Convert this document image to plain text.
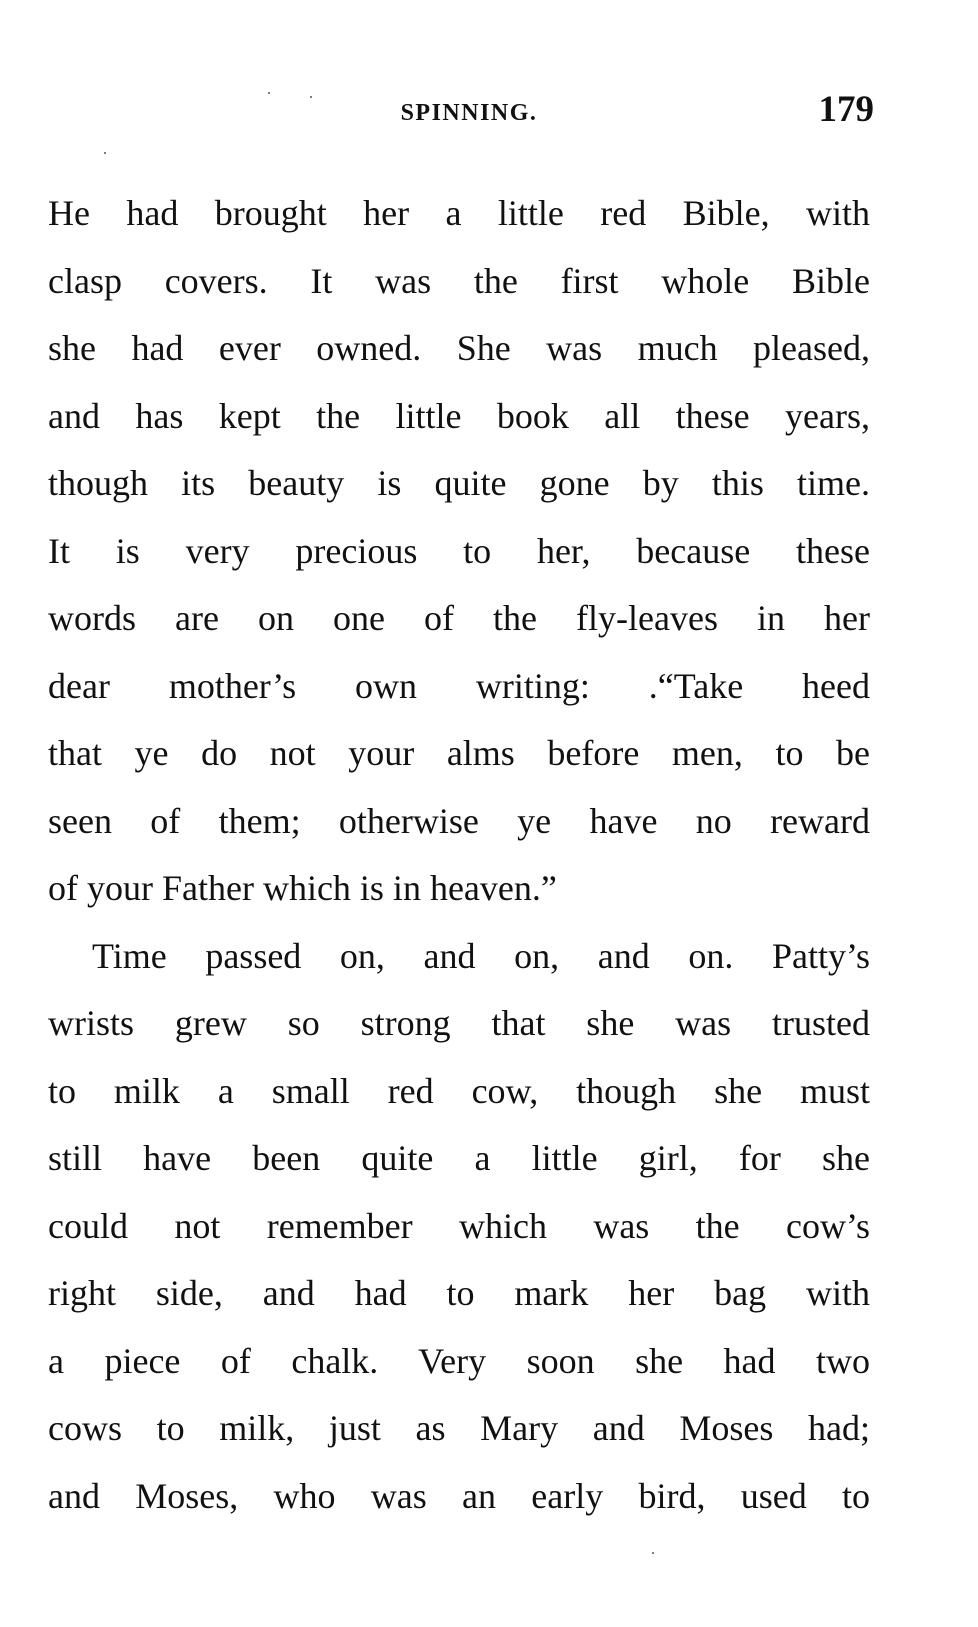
SPINNING.	179
He had brought her a little red Bible, with
clasp covers. It was the first whole Bible
she had ever owned. She was much pleased,
and has kept the little book all these years,
though its beauty is quite gone by this time.
It is very precious to her, because these
words are on one of the fly-leaves in her
dear mother’s own writing: .“Take heed
that ye do not your alms before men, to be
seen of them; otherwise ye have no reward
of your Father which is in heaven.”
Time passed on, and on, and on. Patty’s
wrists grew so strong that she was trusted
to milk a small red cow, though she must
still have been quite a little girl, for she
could not remember which was the cow’s
right side, and had to mark her bag with
a piece of chalk. Very soon she had two
cows to milk, just as Mary and Moses had;
and Moses, who was an early bird, used to
